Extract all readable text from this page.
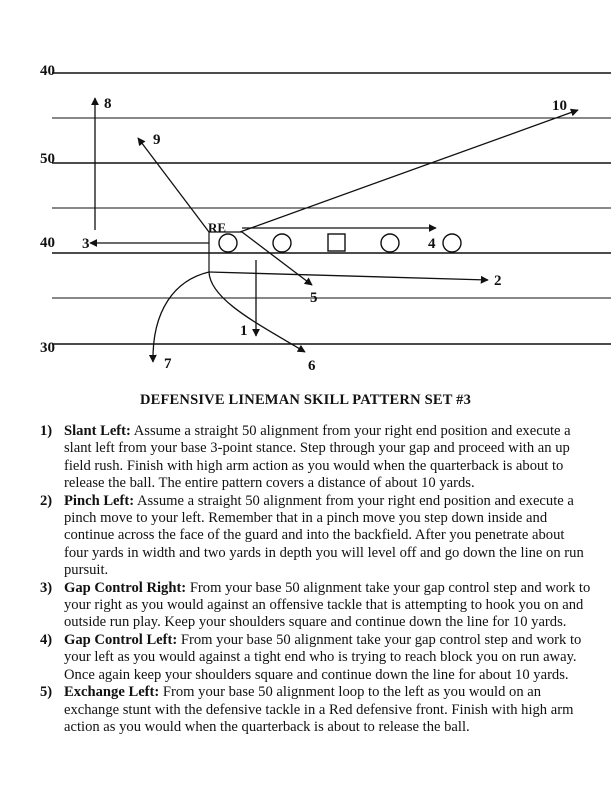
40
50
40
30
RE
8
9
10
3	4
2
5
1
7	6
DEFENSIVE LINEMAN SKILL PATTERN SET #3
1) Slant Left: Assume a straight 50 alignment from your right end position and execute a slant left from your base 3-point stance. Step through your gap and proceed with an up field rush. Finish with high arm action as you would when the quarterback is about to release the ball. The entire pattern covers a distance of about 10 yards.
2) Pinch Left: Assume a straight 50 alignment from your right end position and execute a pinch move to your left. Remember that in a pinch move you step down inside and continue across the face of the guard and into the backfield. After you penetrate about four yards in width and two yards in depth you will level off and go down the line on run pursuit.
3) Gap Control Right: From your base 50 alignment take your gap control step and work to your right as you would against an offensive tackle that is attempting to hook you on and outside run play. Keep your shoulders square and continue down the line for 10 yards.
4) Gap Control Left: From your base 50 alignment take your gap control step and work to your left as you would against a tight end who is trying to reach block you on run away. Once again keep your shoulders square and continue down the line for about 10 yards.
5) Exchange Left: From your base 50 alignment loop to the left as you would on an exchange stunt with the defensive tackle in a Red defensive front. Finish with high arm action as you would when the quarterback is about to release the ball.
